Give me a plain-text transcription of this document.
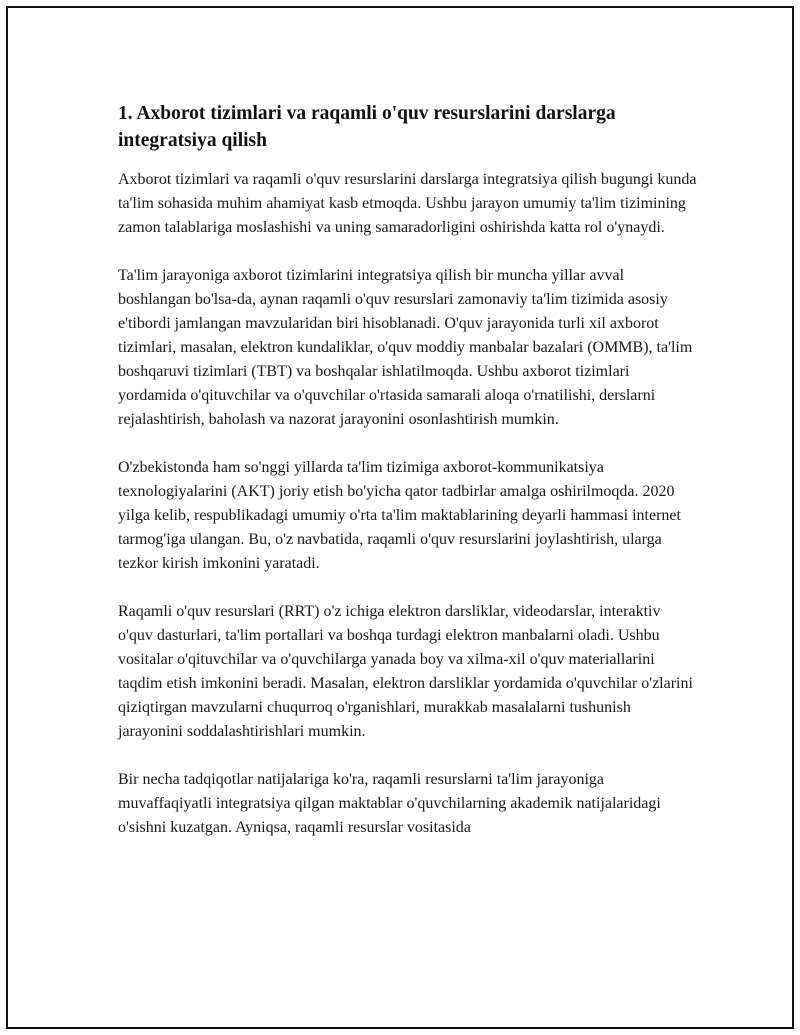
1. Axborot tizimlari va raqamli o'quv resurslarini darslarga integratsiya qilish

Axborot tizimlari va raqamli o'quv resurslarini darslarga integratsiya qilish bugungi kunda ta'lim sohasida muhim ahamiyat kasb etmoqda. Ushbu jarayon umumiy ta'lim tizimining zamon talablariga moslashishi va uning samaradorligini oshirishda katta rol o'ynaydi.

Ta'lim jarayoniga axborot tizimlarini integratsiya qilish bir muncha yillar avval boshlangan bo'lsa-da, aynan raqamli o'quv resurslari zamonaviy ta'lim tizimida asosiy e'tibordi jamlangan mavzularidan biri hisoblanadi. O'quv jarayonida turli xil axborot tizimlari, masalan, elektron kundaliklar, o'quv moddiy manbalar bazalari (OMMB), ta'lim boshqaruvi tizimlari (TBT) va boshqalar ishlatilmoqda. Ushbu axborot tizimlari yordamida o'qituvchilar va o'quvchilar o'rtasida samarali aloqa o'rnatilishi, derslarni rejalashtirish, baholash va nazorat jarayonini osonlashtirish mumkin.

O'zbekistonda ham so'nggi yillarda ta'lim tizimiga axborot-kommunikatsiya texnologiyalarini (AKT) joriy etish bo'yicha qator tadbirlar amalga oshirilmoqda. 2020 yilga kelib, respublikadagi umumiy o'rta ta'lim maktablarining deyarli hammasi internet tarmog'iga ulangan. Bu, o'z navbatida, raqamli o'quv resurslarini joylashtirish, ularga tezkor kirish imkonini yaratadi.

Raqamli o'quv resurslari (RRT) o'z ichiga elektron darsliklar, videodarslar, interaktiv o'quv dasturlari, ta'lim portallari va boshqa turdagi elektron manbalarni oladi. Ushbu vositalar o'qituvchilar va o'quvchilarga yanada boy va xilma-xil o'quv materiallarini taqdim etish imkonini beradi. Masalan, elektron darsliklar yordamida o'quvchilar o'zlarini qiziqtirgan mavzularni chuqurroq o'rganishlari, murakkab masalalarni tushunish jarayonini soddalashtirishlari mumkin.

Bir necha tadqiqotlar natijalariga ko'ra, raqamli resurslarni ta'lim jarayoniga muvaffaqiyatli integratsiya qilgan maktablar o'quvchilarning akademik natijalaridagi o'sishni kuzatgan. Ayniqsa, raqamli resurslar vositasida
